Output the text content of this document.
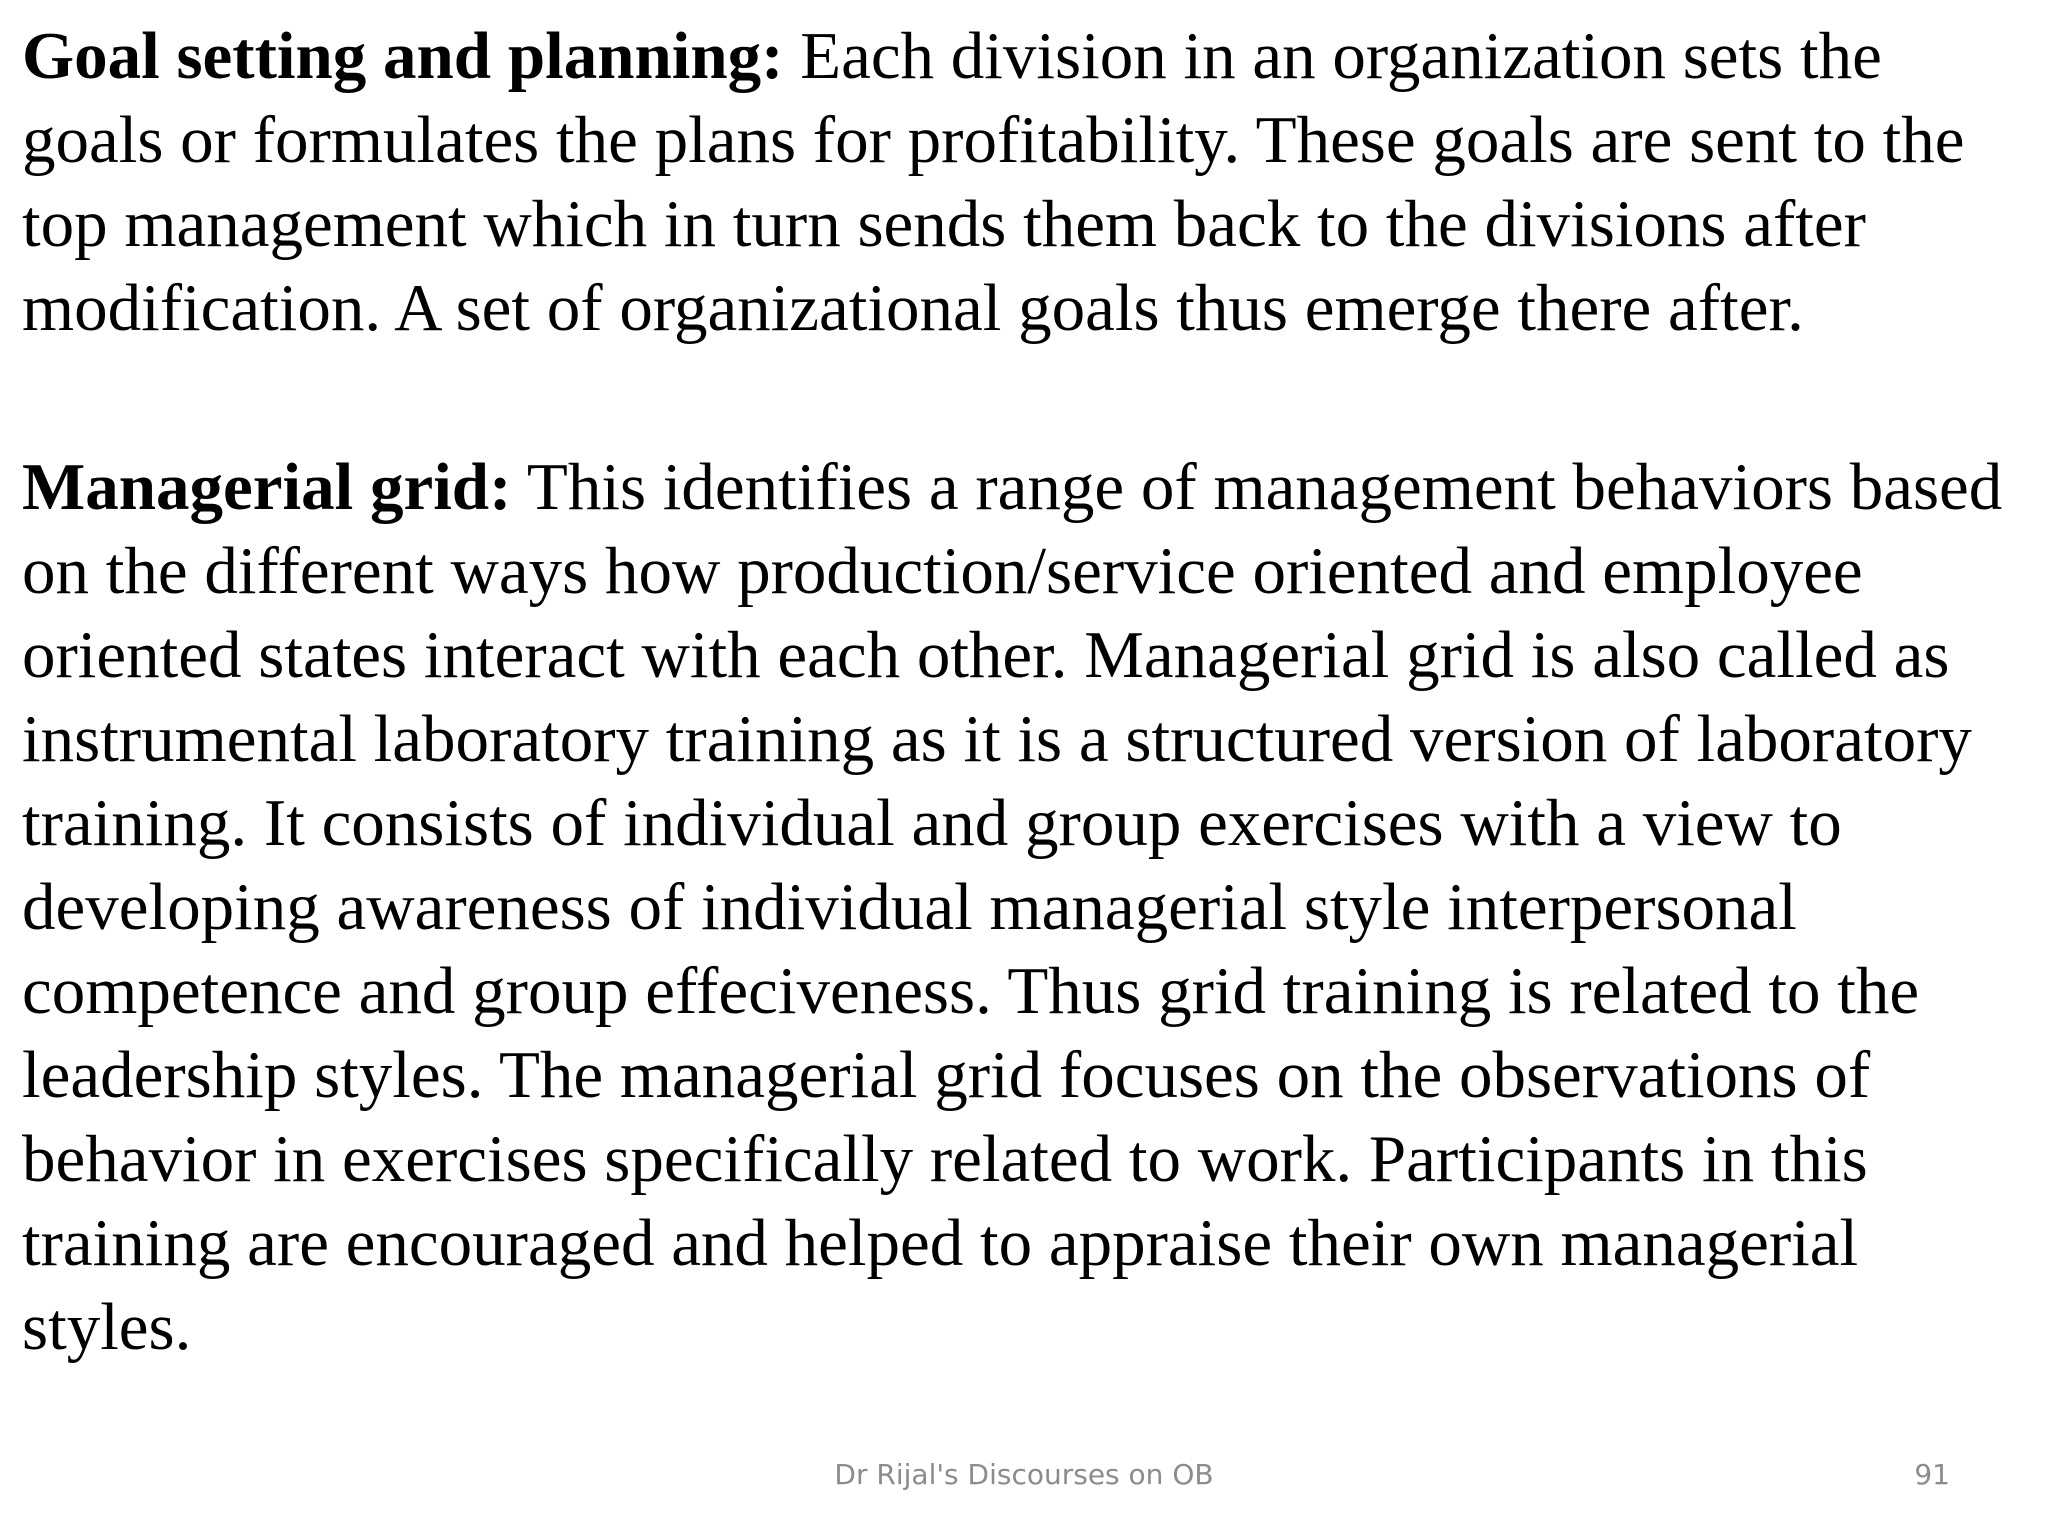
Goal setting and planning: Each division in an organization sets the goals or formulates the plans for profitability. These goals are sent to the top management which in turn sends them back to the divisions after modification. A set of organizational goals thus emerge there after.

Managerial grid: This identifies a range of management behaviors based on the different ways how production/service oriented and employee oriented states interact with each other. Managerial grid is also called as instrumental laboratory training as it is a structured version of laboratory training. It consists of individual and group exercises with a view to developing awareness of individual managerial style interpersonal competence and group effeciveness. Thus grid training is related to the leadership styles. The managerial grid focuses on the observations of behavior in exercises specifically related to work. Participants in this training are encouraged and helped to appraise their own managerial styles.

Dr Rijal's Discourses on OB	91
